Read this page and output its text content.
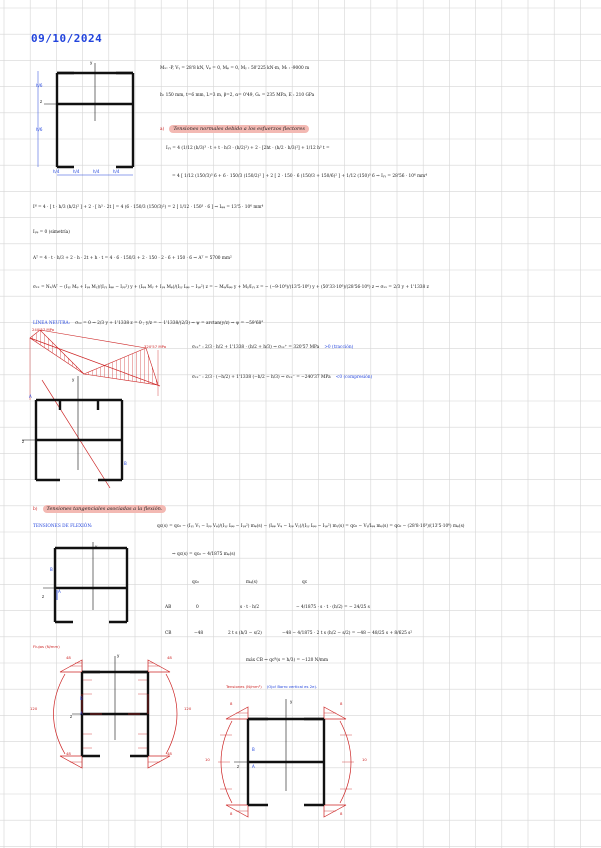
09/10/2024
y
z
h/6
h/6
h/4	h/4	h/4	h/4
Mₓ: -P, Vᵧ = 28'8 kN, Vᵩ = 0, Mᵩ = 0, Mᵧ : 50'225 kN·m, Mₜ : -9000 m
h: 150 mm, t=6 mm, L=3 m, β=2, α= 0'49, Gₑ = 235 MPa, E : 210 GPa
a) Tensiones normales debido a los esfuerzos flectores
Iᵧᵧ = 4 (1/12 (h/3)³ · t + t · h/3 · (h/2)²) + 2 · [2ht · (h/2 · h/3)²] + 1/12 h³ t =
= 4 [ 1/12 (150/3)³ 6 + 6 · 150/3 (150/2)² ] + 2 [ 2 · 150 · 6 (150/3 + 150/6)² ] + 1/12 (150)³ 6 ⇒ Iᵧᵧ = 28'56 · 10⁶ mm⁴
Iᶠᶠ = 4 · [ t · h/3 (h/2)² ] + 2 · [ h³ · 2t ] = 4 (6 · 150/3 (150/3)²) = 2 [ 1/12 · 150³ · 6 ] ⇒ Iᵩᵩ = 13'5 · 10⁶ mm⁴
Iᵧᵩ = 0 (simetría)
Aᵀ = 4 · t · h/3 + 2 · h · 2t + h · t = 4 · 6 · 150/3 + 2 · 150 · 2 · 6 + 150 · 6 ⇒ Aᵀ = 5700 mm²
σₓₓ = Nₓ/Aᵀ − (Iᵧᵧ Mᵩ + Iᵧᵩ Mᵧ)/(Iᵧᵧ Iᵩᵩ − Iᵧᵩ²) y + (Iᵩᵩ Mᵧ + Iᵧᵩ Mᵩ)/(Iᵧᵧ Iᵩᵩ − Iᵧᵩ²) z = − Mᵩ/Iᵩᵩ y + Mᵧ/Iᵧᵧ z = − (−9·10⁶)/(13'5·10⁶) y + (50'33·10⁶)/(28'56·10⁶) z ⇒ σₓₓ = 2/3 y + 1'1338 z
LÍNEA NEUTRA: σₓₓ = 0 ⇒ 2/3 y + 1'1338 z = 0 ; y/z = − 1'1338/(2/3) ⇒ ψ = arctan(y/z) ⇒ ψ = −59'68°
σₓₓ⁺ : 2/3 · h/2 + 1'1338 · (h/2 + h/3) ⇒ σₓₓ⁺ = 320'57 MPa >0 (tracción)
σₓₓ⁻ : 2/3 · (−h/2) + 1'1338 (−h/2 − h/3) ⇒ σₓₓ⁻ = −240'37 MPa <0 (compresión)
240'37 MPa
320'57 MPa
A
B
y
z
b) Tensiones tangenciales asociadas a la flexión.
TENSIONES DE FLEXIÓN:	qᴄ(s) = qᴄ₀ − (Iᵧᵧ Vᵧ − Iᵧᵩ Vᵩ)/(Iᵧᵧ Iᵩᵩ − Iᵧᵩ²) mᵩ(s) − (Iᵩᵩ Vᵩ − Iᵧᵩ Vᵧ)/(Iᵧᵧ Iᵩᵩ − Iᵧᵩ²) mᵧ(s) = qᴄ₀ − Vᵧ/Iᵩᵩ mᵩ(s) = qᴄ₀ − (28'8·10³)/(13'5·10⁶) mᵩ(s)
⇒ qᴄ(s) = qᴄ₀ − 4/1875 mᵩ(s)
y
z
A
B
qᴄ₀	mᵩ(s)	qᴄ
AB	0	s · t · h/2	− 4/1875 · s · t · (h/2) = − 24/25 s
CB	−48	2 t s (h/3 − s/2)	−48 − 4/1875 · 2 t s (h/2 − s/2) = −48 − 48/25 s + 8/625 s²
máx CB ⇒ qᴄᴮ(s = h/3) = −120 N/mm
Flujos (N/mm)
48	48
48	48
120	120
y
z
A
B
Tensiones (N/mm²) (Ojo! Borro vertical es 2e).
8	8
8	8
10	10
y
z	A
B
